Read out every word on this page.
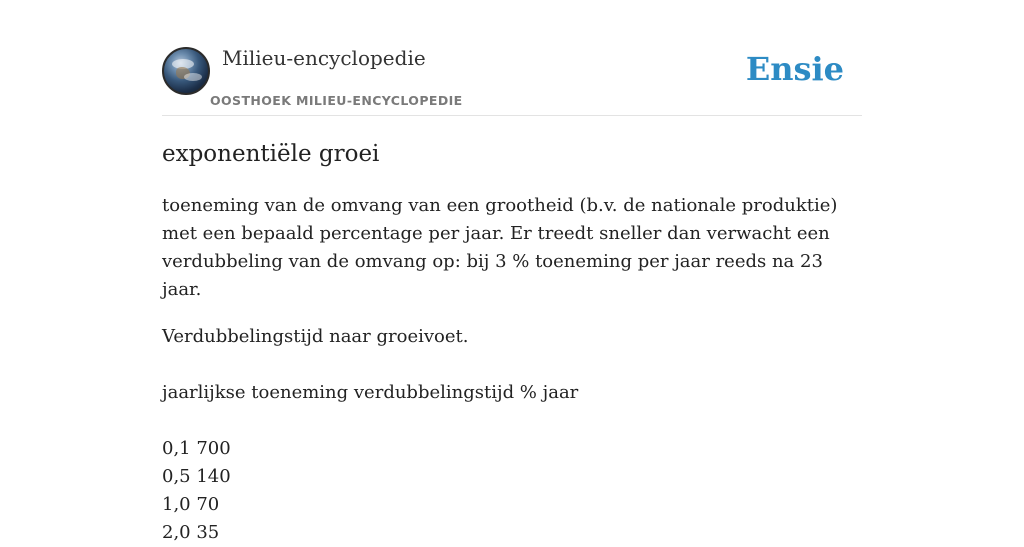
Milieu-encyclopedie
OOSTHOEK MILIEU-ENCYCLOPEDIE
Ensie
exponentiële groei

toeneming van de omvang van een grootheid (b.v. de nationale produktie) met een bepaald percentage per jaar. Er treedt sneller dan verwacht een verdubbeling van de omvang op: bij 3 % toeneming per jaar reeds na 23 jaar.

Verdubbelingstijd naar groeivoet.

jaarlijkse toeneming verdubbelingstijd % jaar

0,1 700

0,5 140

1,0 70

2,0 35
